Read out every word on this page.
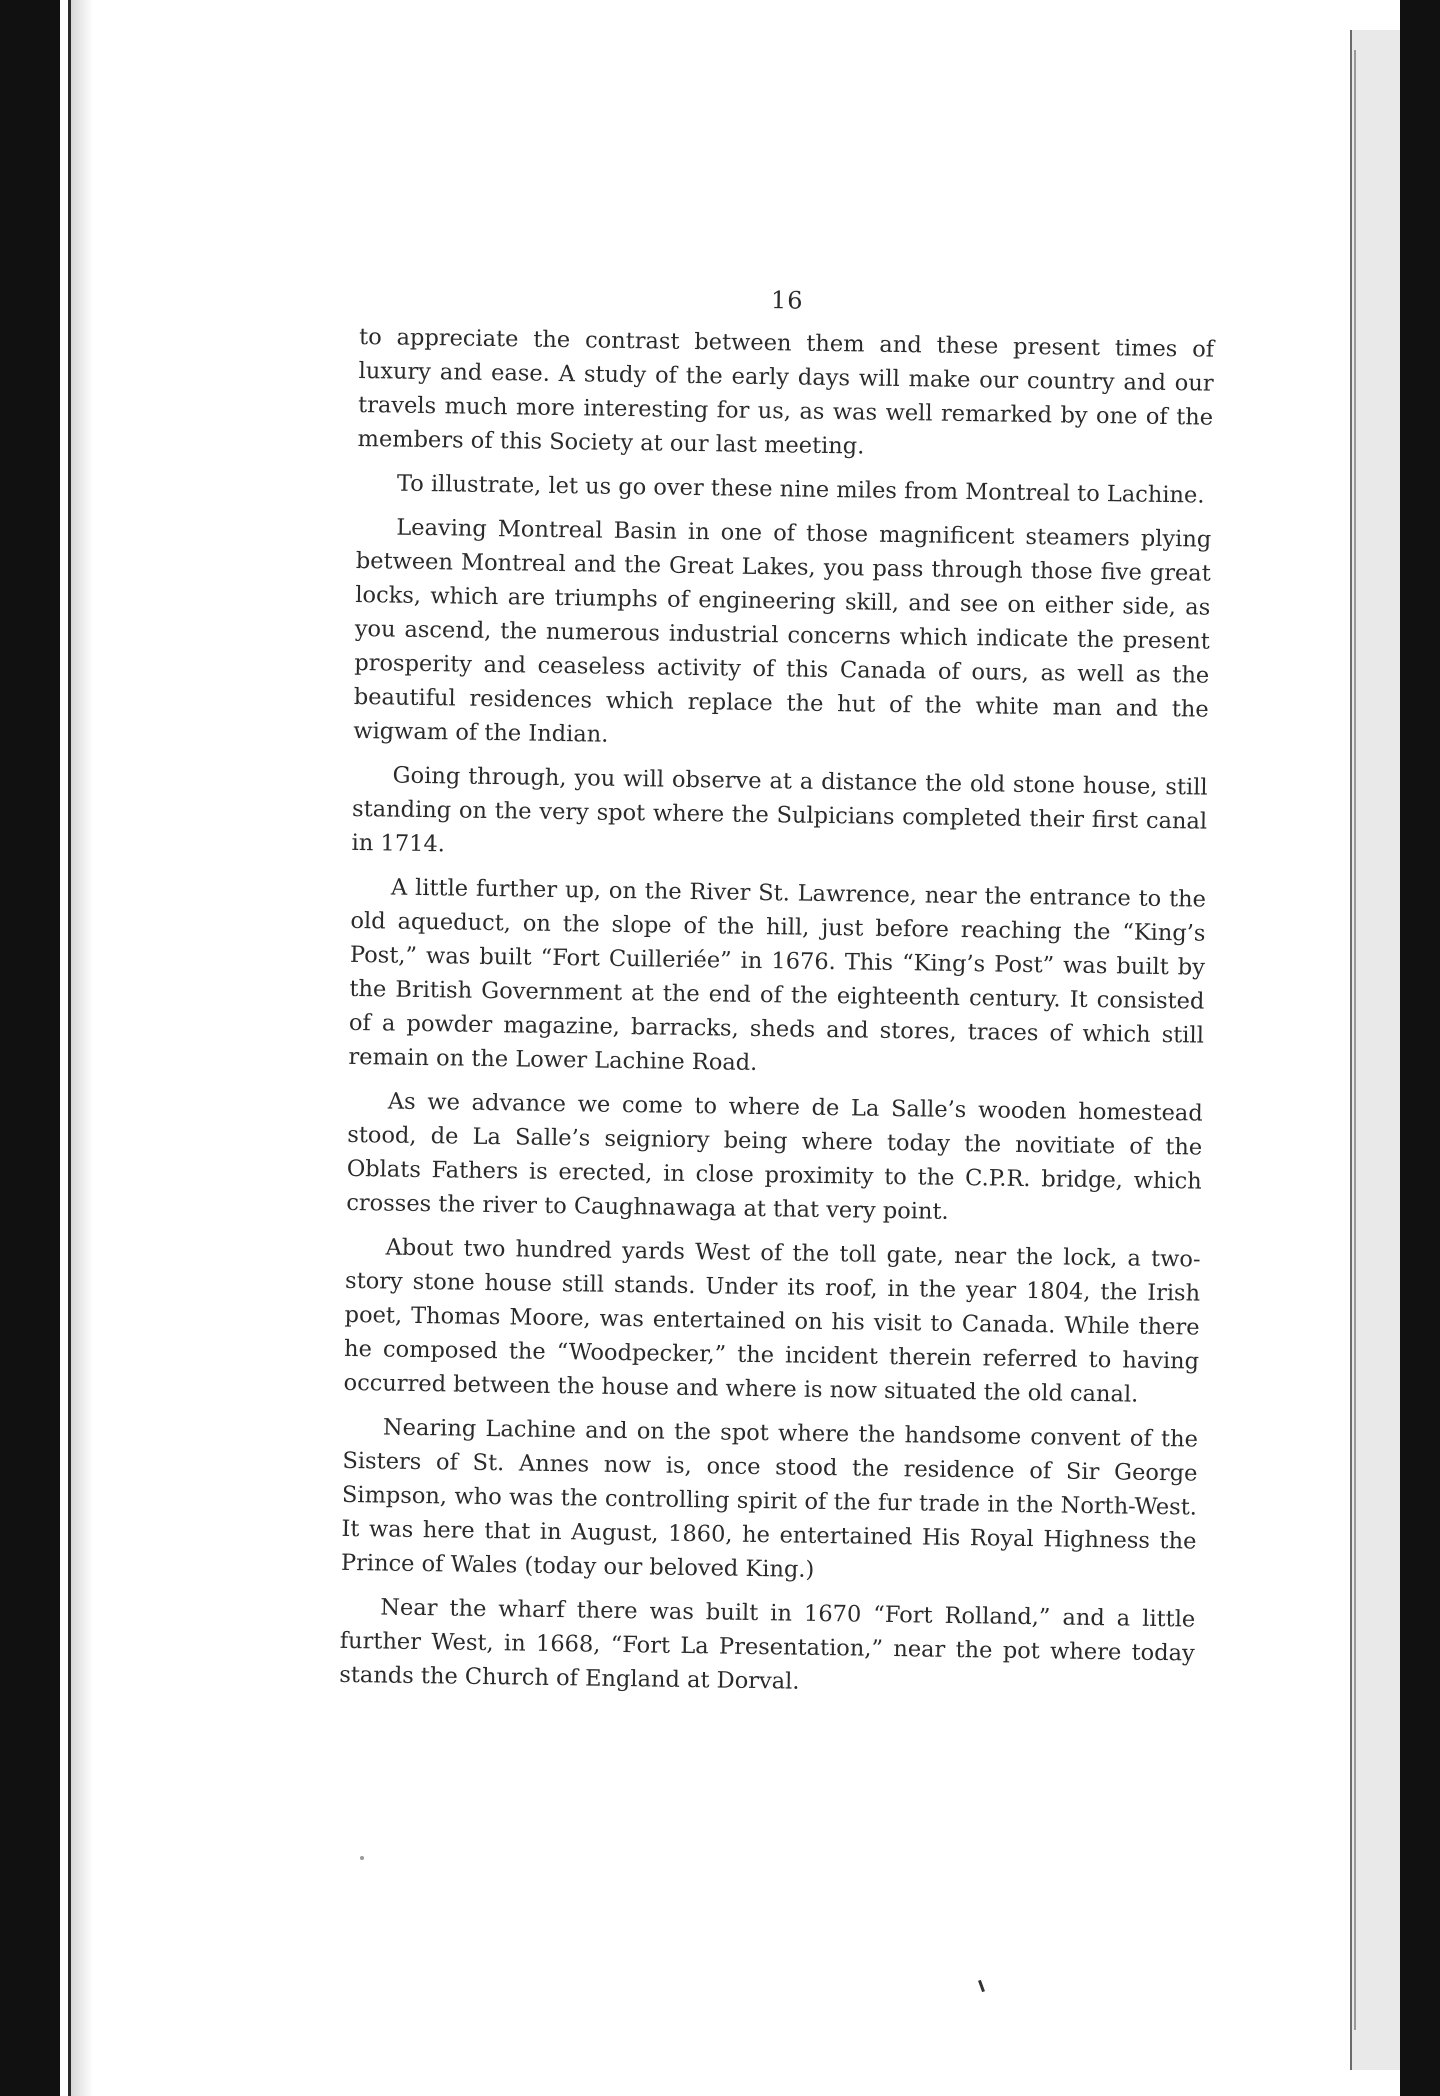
16

to appreciate the contrast between them and these present times of luxury and ease. A study of the early days will make our country and our travels much more interesting for us, as was well remarked by one of the members of this Society at our last meeting.

To illustrate, let us go over these nine miles from Montreal to Lachine.

Leaving Montreal Basin in one of those magnificent steamers plying between Montreal and the Great Lakes, you pass through those five great locks, which are triumphs of engineering skill, and see on either side, as you ascend, the numerous industrial concerns which indicate the present prosperity and ceaseless activity of this Canada of ours, as well as the beautiful residences which replace the hut of the white man and the wigwam of the Indian.

Going through, you will observe at a distance the old stone house, still standing on the very spot where the Sulpicians completed their first canal in 1714.

A little further up, on the River St. Lawrence, near the entrance to the old aqueduct, on the slope of the hill, just before reaching the “King’s Post,” was built “Fort Cuilleriée” in 1676. This “King’s Post” was built by the British Government at the end of the eighteenth century. It consisted of a powder magazine, barracks, sheds and stores, traces of which still remain on the Lower Lachine Road.

As we advance we come to where de La Salle’s wooden homestead stood, de La Salle’s seigniory being where today the novitiate of the Oblats Fathers is erected, in close proximity to the C.P.R. bridge, which crosses the river to Caughnawaga at that very point.

About two hundred yards West of the toll gate, near the lock, a two-story stone house still stands. Under its roof, in the year 1804, the Irish poet, Thomas Moore, was entertained on his visit to Canada. While there he composed the “Woodpecker,” the incident therein referred to having occurred between the house and where is now situated the old canal.

Nearing Lachine and on the spot where the handsome convent of the Sisters of St. Annes now is, once stood the residence of Sir George Simpson, who was the controlling spirit of the fur trade in the North-West. It was here that in August, 1860, he entertained His Royal Highness the Prince of Wales (today our beloved King.)

Near the wharf there was built in 1670 “Fort Rolland,” and a little further West, in 1668, “Fort La Presentation,” near the pot where today stands the Church of England at Dorval.
